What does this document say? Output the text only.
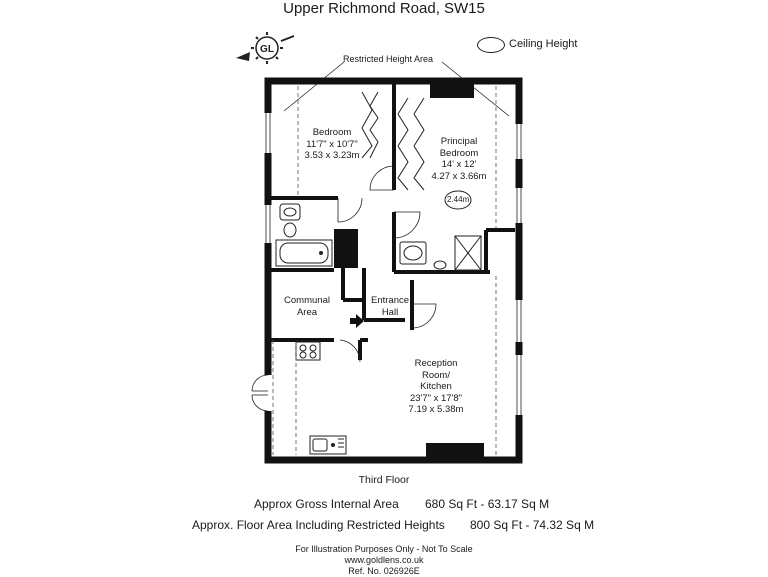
Upper Richmond Road, SW15
Ceiling Height
GL
Restricted Height Area
2.44m
Bedroom
11'7" x 10'7"
3.53 x 3.23m
Principal
Bedroom
14' x 12'
4.27 x 3.66m
Communal
Area
Entrance
Hall
Reception
Room/
Kitchen
23'7" x 17'8"
7.19 x 5.38m
Third Floor
Approx Gross Internal Area 680 Sq Ft - 63.17 Sq M
Approx. Floor Area Including Restricted Heights 800 Sq Ft - 74.32 Sq M
For Illustration Purposes Only - Not To Scale
www.goldlens.co.uk
Ref. No. 026926E
